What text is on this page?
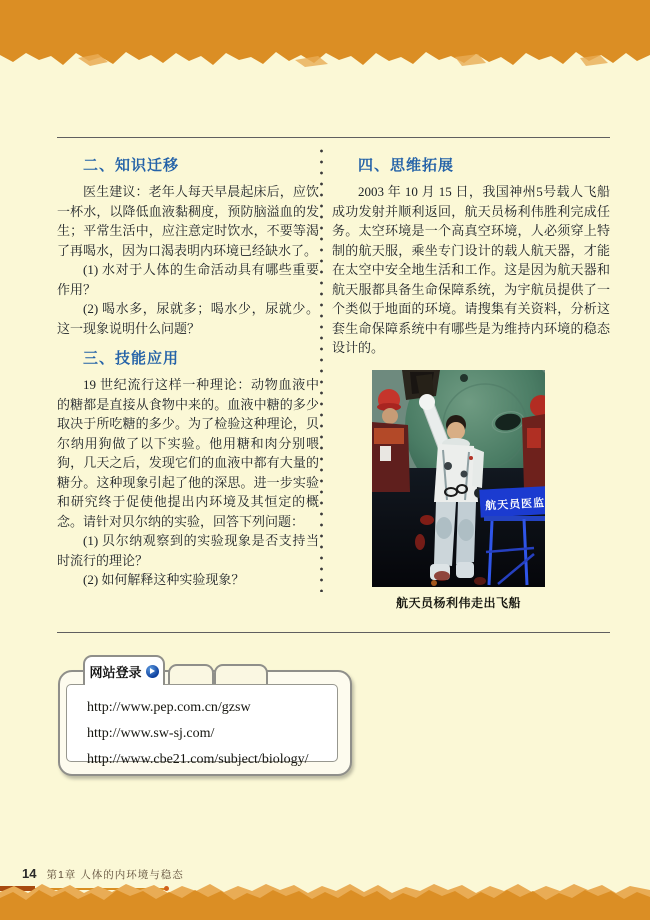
二、知识迁移

医生建议：老年人每天早晨起床后，应饮一杯水，以降低血液黏稠度，预防脑溢血的发生；平常生活中，应注意定时饮水，不要等渴了再喝水，因为口渴表明内环境已经缺水了。

(1) 水对于人体的生命活动具有哪些重要作用？

(2) 喝水多，尿就多；喝水少，尿就少。这一现象说明什么问题？

三、技能应用

19 世纪流行这样一种理论：动物血液中的糖都是直接从食物中来的。血液中糖的多少取决于所吃糖的多少。为了检验这种理论，贝尔纳用狗做了以下实验。他用糖和肉分别喂狗，几天之后，发现它们的血液中都有大量的糖分。这种现象引起了他的深思。进一步实验和研究终于促使他提出内环境及其恒定的概念。请针对贝尔纳的实验，回答下列问题：

(1) 贝尔纳观察到的实验现象是否支持当时流行的理论？

(2) 如何解释这种实验现象？

四、思维拓展

2003 年 10 月 15 日，我国神州5号载人飞船成功发射并顺利返回，航天员杨利伟胜利完成任务。太空环境是一个高真空环境，人必须穿上特制的航天服，乘坐专门设计的载人航天器，才能在太空中安全地生活和工作。这是因为航天器和航天服都具备生命保障系统，为宇航员提供了一个类似于地面的环境。请搜集有关资料，分析这套生命保障系统中有哪些是为维持内环境的稳态设计的。

航天员医监
航天员杨利伟走出飞船
网站登录
http://www.pep.com.cn/gzsw
http://www.sw-sj.com/
http://www.cbe21.com/subject/biology/
14 第1章 人体的内环境与稳态
